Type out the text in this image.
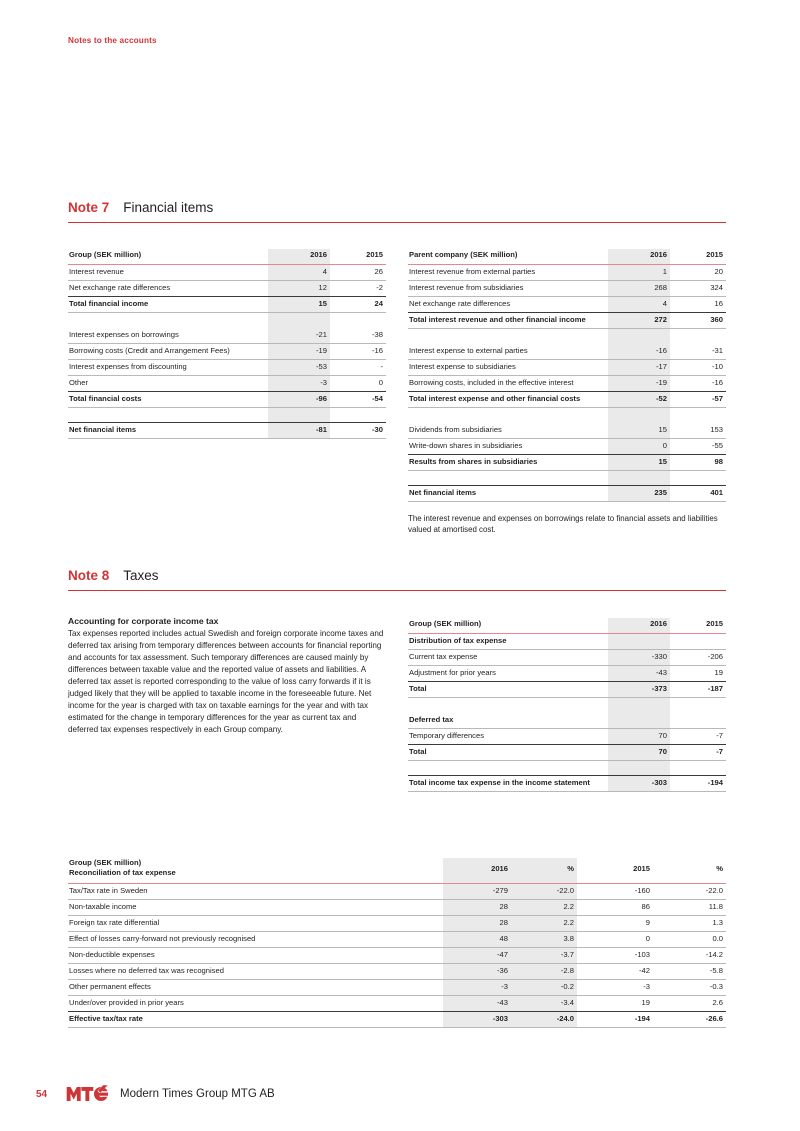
Notes to the accounts
Note 7 Financial items
Group (SEK million)	2016	2015
Interest revenue	4	26
Net exchange rate differences	12	-2
Total financial income	15	24

Interest expenses on borrowings	-21	-38
Borrowing costs (Credit and Arrangement Fees)	-19	-16
Interest expenses from discounting	-53	-
Other	-3	0
Total financial costs	-96	-54

Net financial items	-81	-30
Parent company (SEK million)	2016	2015
Interest revenue from external parties	1	20
Interest revenue from subsidiaries	268	324
Net exchange rate differences	4	16
Total interest revenue and other financial income	272	360

Interest expense to external parties	-16	-31
Interest expense to subsidiaries	-17	-10
Borrowing costs, included in the effective interest	-19	-16
Total interest expense and other financial costs	-52	-57

Dividends from subsidiaries	15	153
Write-down shares in subsidiaries	0	-55
Results from shares in subsidiaries	15	98

Net financial items	235	401
The interest revenue and expenses on borrowings relate to financial assets and liabilities valued at amortised cost.
Note 8 Taxes
Accounting for corporate income tax
Tax expenses reported includes actual Swedish and foreign corporate income taxes and deferred tax arising from temporary differences between accounts for financial reporting and accounts for tax assessment. Such temporary differences are caused mainly by differences between taxable value and the reported value of assets and liabilities. A deferred tax asset is reported corresponding to the value of loss carry forwards if it is judged likely that they will be applied to taxable income in the foreseeable future. Net income for the year is charged with tax on taxable earnings for the year and with tax estimated for the change in temporary differences for the year as current tax and deferred tax expenses respectively in each Group company.
Group (SEK million)	2016	2015
Distribution of tax expense		
Current tax expense	-330	-206
Adjustment for prior years	-43	19
Total	-373	-187

Deferred tax		
Temporary differences	70	-7
Total	70	-7

Total income tax expense in the income statement	-303	-194
Group (SEK million)
Reconciliation of tax expense
		2016	%	2015	%
Tax/Tax rate in Sweden	-279	-22.0	-160	-22.0
Non-taxable income	28	2.2	86	11.8
Foreign tax rate differential	28	2.2	9	1.3
Effect of losses carry-forward not previously recognised	48	3.8	0	0.0
Non-deductible expenses	-47	-3.7	-103	-14.2
Losses where no deferred tax was recognised	-36	-2.8	-42	-5.8
Other permanent effects	-3	-0.2	-3	-0.3
Under/over provided in prior years	-43	-3.4	19	2.6
Effective tax/tax rate	-303	-24.0	-194	-26.6
54	Modern Times Group MTG AB
